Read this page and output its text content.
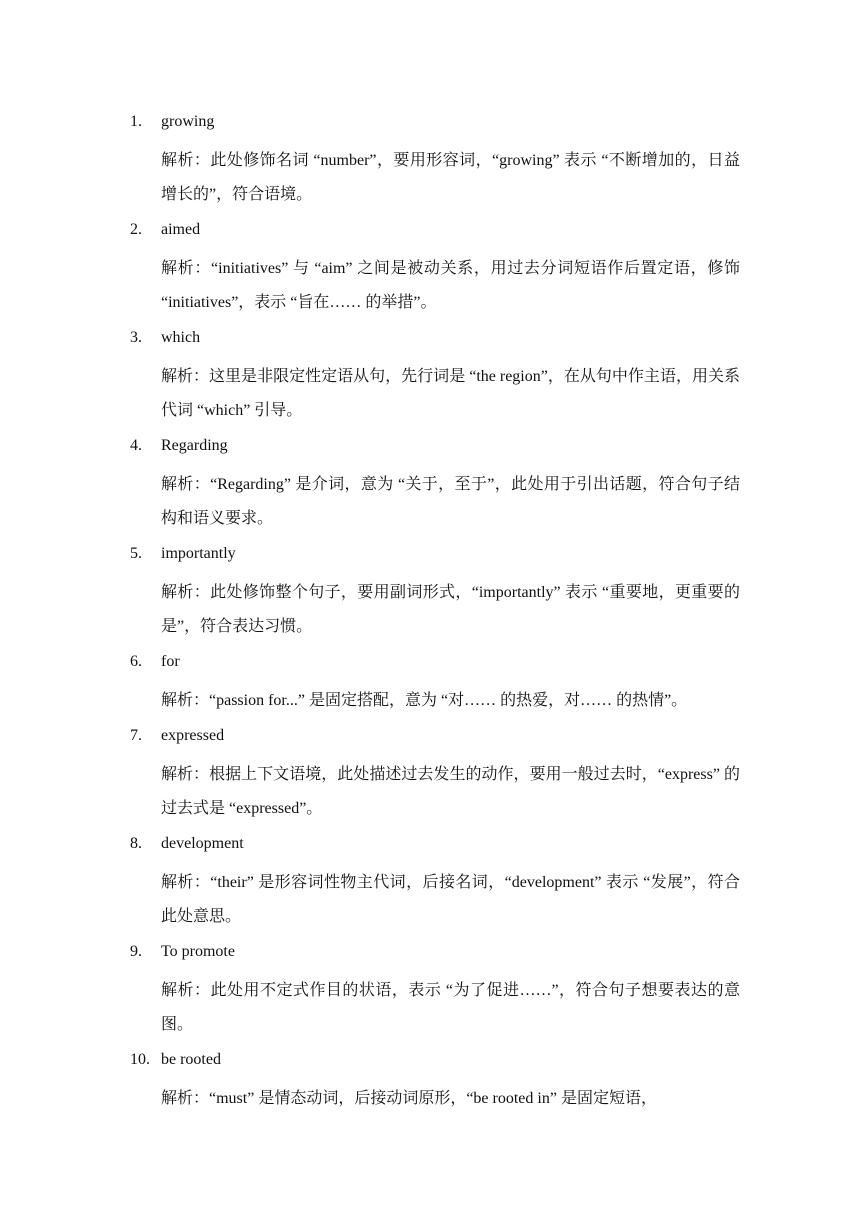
1.	growing
解析：此处修饰名词 “number”，要用形容词，“growing” 表示 “不断增加的，日益增长的”，符合语境。
2.	aimed
解析：“initiatives” 与 “aim” 之间是被动关系，用过去分词短语作后置定语，修饰 “initiatives”，表示 “旨在…… 的举措”。
3.	which
解析：这里是非限定性定语从句，先行词是 “the region”，在从句中作主语，用关系代词 “which” 引导。
4.	Regarding
解析：“Regarding” 是介词，意为 “关于，至于”，此处用于引出话题，符合句子结构和语义要求。
5.	importantly
解析：此处修饰整个句子，要用副词形式，“importantly” 表示 “重要地，更重要的是”，符合表达习惯。
6.	for
解析：“passion for...” 是固定搭配，意为 “对…… 的热爱，对…… 的热情”。
7.	expressed
解析：根据上下文语境，此处描述过去发生的动作，要用一般过去时，“express” 的过去式是 “expressed”。
8.	development
解析：“their” 是形容词性物主代词，后接名词，“development” 表示 “发展”，符合此处意思。
9.	To promote
解析：此处用不定式作目的状语，表示 “为了促进……”，符合句子想要表达的意图。
10. be rooted
解析：“must” 是情态动词，后接动词原形，“be rooted in” 是固定短语，
